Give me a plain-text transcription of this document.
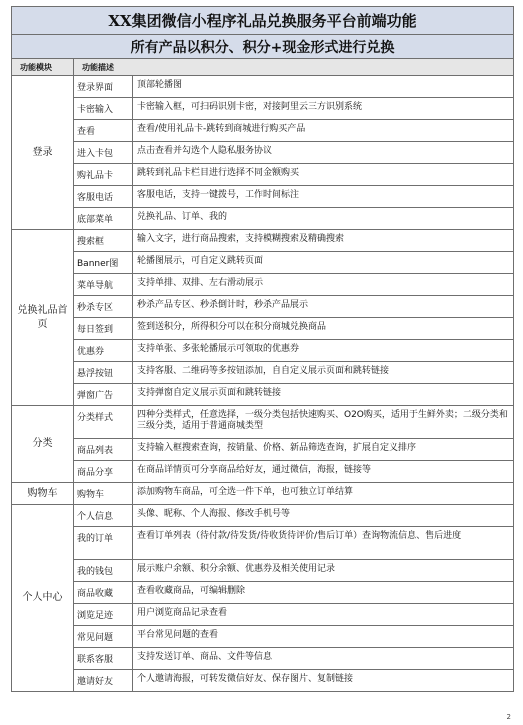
XX集团微信小程序礼品兑换服务平台前端功能
所有产品以积分、积分+现金形式进行兑换
功能模块	功能描述
登录
登录界面	顶部轮播图
卡密输入	卡密输入框，可扫码识别卡密，对接阿里云三方识别系统
查看	查看/使用礼品卡-跳转到商城进行购买产品
进入卡包	点击查看并勾选个人隐私服务协议
购礼品卡	跳转到礼品卡栏目进行选择不同金额购买
客服电话	客服电话，支持一键拨号，工作时间标注
底部菜单	兑换礼品、订单、我的
兑换礼品首页
搜索框	输入文字，进行商品搜索，支持模糊搜索及精确搜索
Banner图	轮播图展示，可自定义跳转页面
菜单导航	支持单排、双排、左右滑动展示
秒杀专区	秒杀产品专区、秒杀倒计时，秒杀产品展示
每日签到	签到送积分，所得积分可以在积分商城兑换商品
优惠券	支持单张、多张轮播展示可领取的优惠券
悬浮按钮	支持客服、二维码等多按钮添加，自自定义展示页面和跳转链接
弹窗广告	支持弹窗自定义展示页面和跳转链接
分类
分类样式	四种分类样式，任意选择，一级分类包括快速购买、O2O购买，适用于生鲜外卖；二级分类和三级分类，适用于普通商城类型
商品列表	支持输入框搜索查询，按销量、价格、新品筛选查询，扩展自定义排序
商品分享	在商品详情页可分享商品给好友，通过微信，海报，链接等
购物车	购物车	添加购物车商品，可全选一件下单，也可独立订单结算
个人中心
个人信息	头像、昵称、个人海报、修改手机号等
我的订单	查看订单列表（待付款/待发货/待收货待评价/售后订单）查询物流信息、售后进度
我的钱包	展示账户余额、积分余额、优惠券及相关使用记录
商品收藏	查看收藏商品，可编辑删除
浏览足迹	用户浏览商品记录查看
常见问题	平台常见问题的查看
联系客服	支持发送订单、商品、文件等信息
邀请好友	个人邀请海报，可转发微信好友、保存图片、复制链接
2
